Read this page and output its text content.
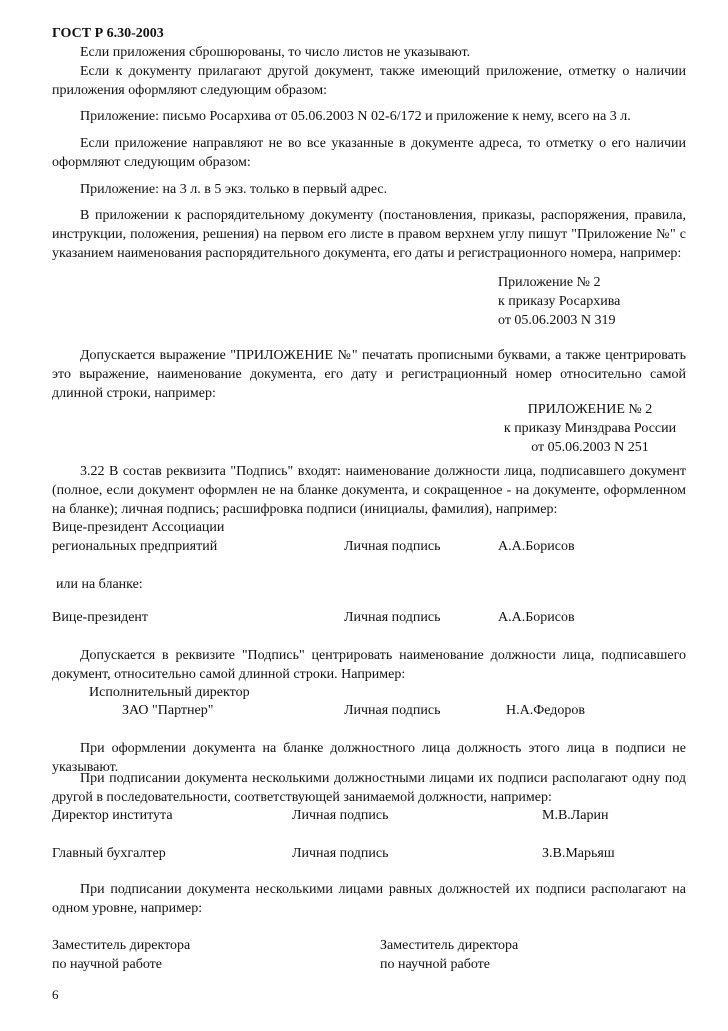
ГОСТ Р 6.30-2003
Если приложения сброшюрованы, то число листов не указывают.
Если к документу прилагают другой документ, также имеющий приложение, отметку о наличии приложения оформляют следующим образом:
Приложение: письмо Росархива от 05.06.2003 N 02-6/172 и приложение к нему, всего на 3 л.
Если приложение направляют не во все указанные в документе адреса, то отметку о его наличии оформляют следующим образом:
Приложение: на 3 л. в 5 экз. только в первый адрес.
В приложении к распорядительному документу (постановления, приказы, распоряжения, правила, инструкции, положения, решения) на первом его листе в правом верхнем углу пишут "Приложение №" с указанием наименования распорядительного документа, его даты и регистрационного номера, например:
Приложение № 2
к приказу Росархива
от 05.06.2003 N 319
Допускается выражение "ПРИЛОЖЕНИЕ №" печатать прописными буквами, а также центрировать это выражение, наименование документа, его дату и регистрационный номер относительно самой длинной строки, например:
ПРИЛОЖЕНИЕ № 2
к приказу Минздрава России
от 05.06.2003 N 251
3.22 В состав реквизита "Подпись" входят: наименование должности лица, подписавшего документ (полное, если документ оформлен не на бланке документа, и сокращенное - на документе, оформленном на бланке); личная подпись; расшифровка подписи (инициалы, фамилия), например:
Вице-президент Ассоциации
региональных предприятий	Личная подпись	А.А.Борисов
или на бланке:
Вице-президент	Личная подпись	А.А.Борисов
Допускается в реквизите "Подпись" центрировать наименование должности лица, подписавшего документ, относительно самой длинной строки. Например:
Исполнительный директор
ЗАО "Партнер"	Личная подпись	Н.А.Федоров
При оформлении документа на бланке должностного лица должность этого лица в подписи не указывают.
При подписании документа несколькими должностными лицами их подписи располагают одну под другой в последовательности, соответствующей занимаемой должности, например:
Директор института	Личная подпись	М.В.Ларин
Главный бухгалтер	Личная подпись	З.В.Марьяш
При подписании документа несколькими лицами равных должностей их подписи располагают на одном уровне, например:
Заместитель директора
по научной работе
Заместитель директора
по научной работе
6
